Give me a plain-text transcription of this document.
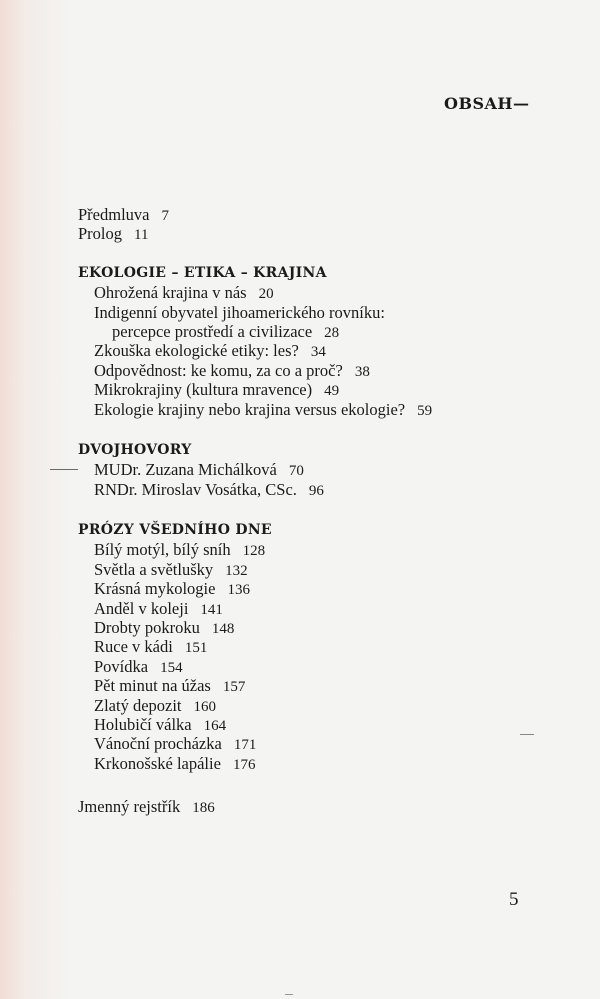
OBSAH—
Předmluva 7
Prolog 11
EKOLOGIE – ETIKA – KRAJINA
Ohrožená krajina v nás 20
Indigenní obyvatel jihoamerického rovníku:
percepce prostředí a civilizace 28
Zkouška ekologické etiky: les? 34
Odpovědnost: ke komu, za co a proč? 38
Mikrokrajiny (kultura mravence) 49
Ekologie krajiny nebo krajina versus ekologie? 59
DVOJHOVORY
MUDr. Zuzana Michálková 70
RNDr. Miroslav Vosátka, CSc. 96
PRÓZY VŠEDNÍHO DNE
Bílý motýl, bílý sníh 128
Světla a světlušky 132
Krásná mykologie 136
Anděl v koleji 141
Drobty pokroku 148
Ruce v kádi 151
Povídka 154
Pět minut na úžas 157
Zlatý depozit 160
Holubičí válka 164
Vánoční procházka 171
Krkonošské lapálie 176
Jmenný rejstřík 186
5
